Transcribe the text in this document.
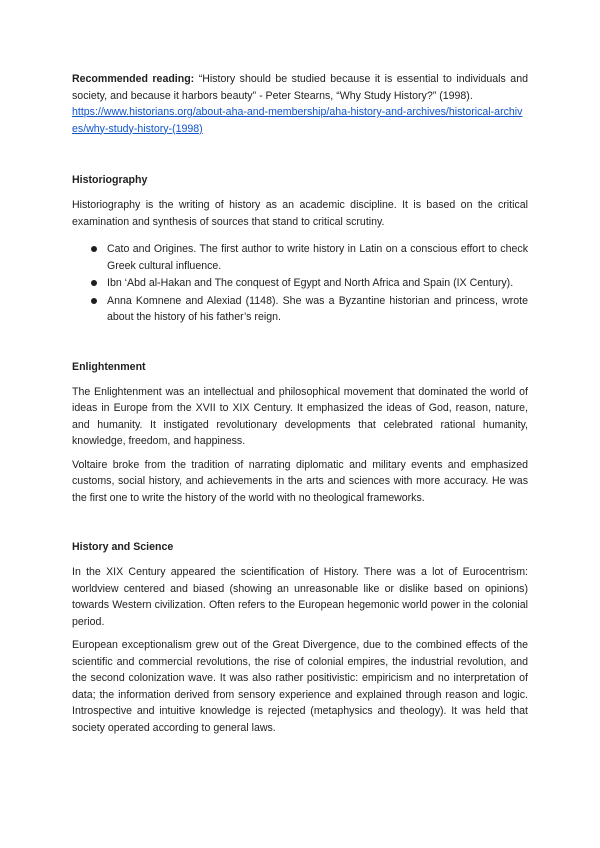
Recommended reading: “History should be studied because it is essential to individuals and society, and because it harbors beauty” - Peter Stearns, “Why Study History?” (1998).
https://www.historians.org/about-aha-and-membership/aha-history-and-archives/historical-archives/why-study-history-(1998)

Historiography

Historiography is the writing of history as an academic discipline. It is based on the critical examination and synthesis of sources that stand to critical scrutiny.

Cato and Origines. The first author to write history in Latin on a conscious effort to check Greek cultural influence.
Ibn ‘Abd al-Hakan and The conquest of Egypt and North Africa and Spain (IX Century).
Anna Komnene and Alexiad (1148). She was a Byzantine historian and princess, wrote about the history of his father’s reign.
Enlightenment

The Enlightenment was an intellectual and philosophical movement that dominated the world of ideas in Europe from the XVII to XIX Century. It emphasized the ideas of God, reason, nature, and humanity. It instigated revolutionary developments that celebrated rational humanity, knowledge, freedom, and happiness.

Voltaire broke from the tradition of narrating diplomatic and military events and emphasized customs, social history, and achievements in the arts and sciences with more accuracy. He was the first one to write the history of the world with no theological frameworks.

History and Science

In the XIX Century appeared the scientification of History. There was a lot of Eurocentrism: worldview centered and biased (showing an unreasonable like or dislike based on opinions) towards Western civilization. Often refers to the European hegemonic world power in the colonial period.

European exceptionalism grew out of the Great Divergence, due to the combined effects of the scientific and commercial revolutions, the rise of colonial empires, the industrial revolution, and the second colonization wave. It was also rather positivistic: empiricism and no interpretation of data; the information derived from sensory experience and explained through reason and logic. Introspective and intuitive knowledge is rejected (metaphysics and theology). It was held that society operated according to general laws.
